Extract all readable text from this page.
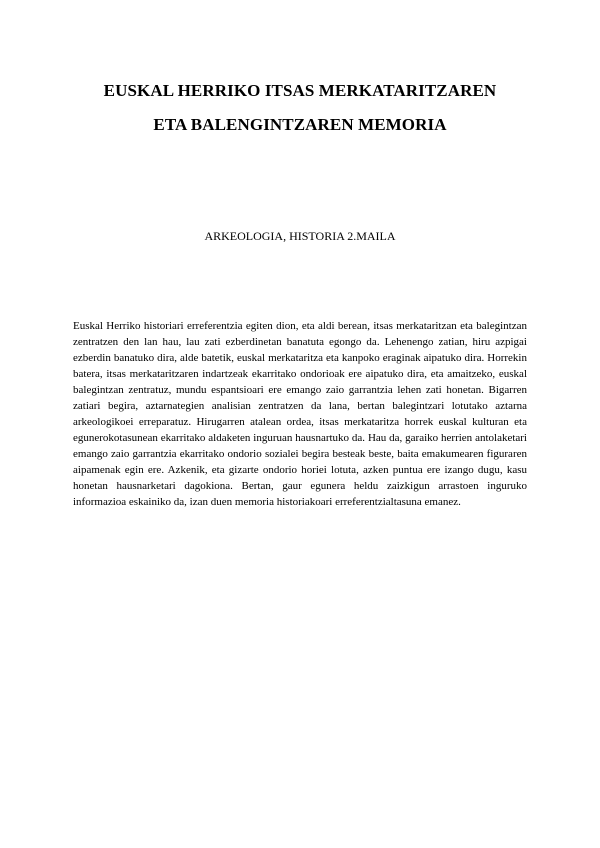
EUSKAL HERRIKO ITSAS MERKATARITZAREN
ETA BALENGINTZAREN MEMORIA
ARKEOLOGIA, HISTORIA 2.MAILA

Euskal Herriko historiari erreferentzia egiten dion, eta aldi berean, itsas merkataritzan eta balegintzan zentratzen den lan hau, lau zati ezberdinetan banatuta egongo da. Lehenengo zatian, hiru azpigai ezberdin banatuko dira, alde batetik, euskal merkataritza eta kanpoko eraginak aipatuko dira. Horrekin batera, itsas merkataritzaren indartzeak ekarritako ondorioak ere aipatuko dira, eta amaitzeko, euskal balegintzan zentratuz, mundu espantsioari ere emango zaio garrantzia lehen zati honetan. Bigarren zatiari begira, aztarnategien analisian zentratzen da lana, bertan balegintzari lotutako aztarna arkeologikoei erreparatuz. Hirugarren atalean ordea, itsas merkataritza horrek euskal kulturan eta egunerokotasunean ekarritako aldaketen inguruan hausnartuko da. Hau da, garaiko herrien antolaketari emango zaio garrantzia ekarritako ondorio sozialei begira besteak beste, baita emakumearen figuraren aipamenak egin ere. Azkenik, eta gizarte ondorio horiei lotuta, azken puntua ere izango dugu, kasu honetan hausnarketari dagokiona. Bertan, gaur egunera heldu zaizkigun arrastoen inguruko informazioa eskainiko da, izan duen memoria historiakoari erreferentzialtasuna emanez.
